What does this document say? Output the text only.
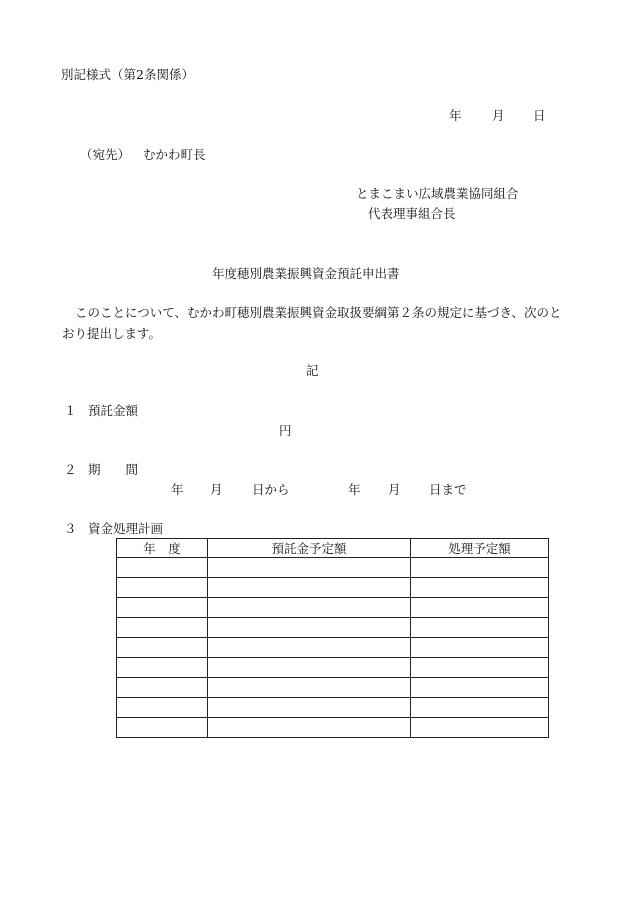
別記様式（第2条関係）
年 月 日
（宛先） むかわ町長
とまこまい広域農業協同組合
代表理事組合長
年度穂別農業振興資金預託申出書
このことについて、むかわ町穂別農業振興資金取扱要綱第２条の規定に基づき、次のとおり提出します。
記
１ 預託金額
円
２ 期　　間
年 月 日から	年 月 日まで
３ 資金処理計画
年　度	預託金予定額	処理予定額
